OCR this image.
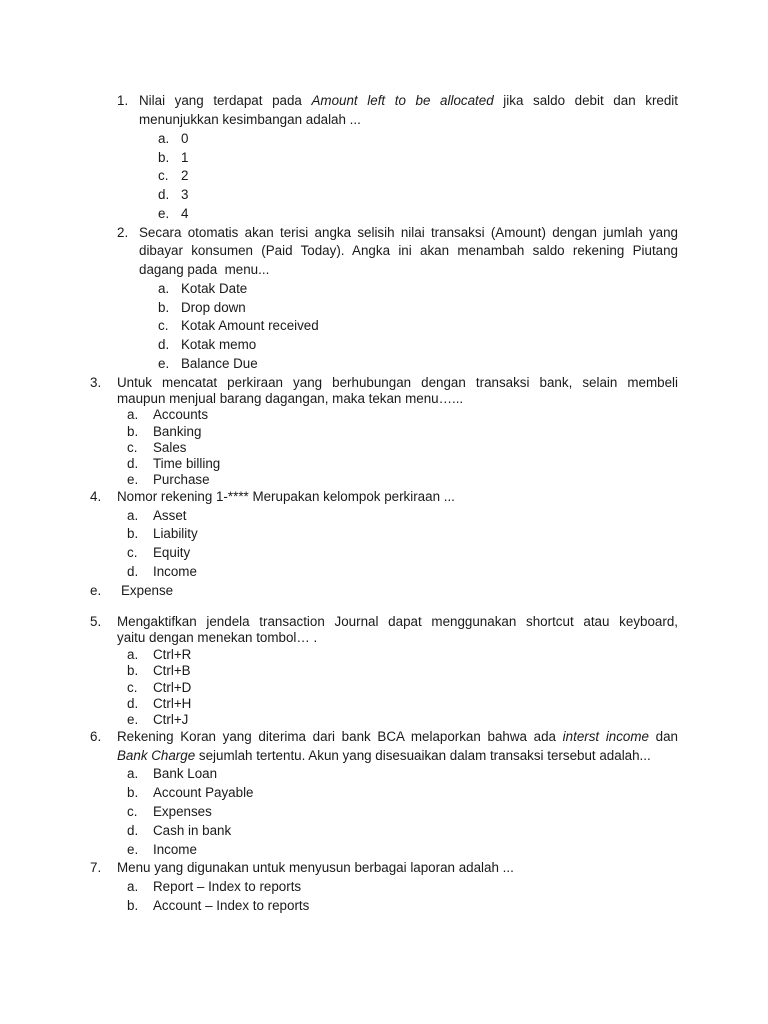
1. Nilai yang terdapat pada Amount left to be allocated jika saldo debit dan kredit
menunjukkan kesimbangan adalah ...
a. 0
b. 1
c. 2
d. 3
e. 4
2. Secara otomatis akan terisi angka selisih nilai transaksi (Amount) dengan jumlah yang
dibayar konsumen (Paid Today). Angka ini akan menambah saldo rekening Piutang
dagang pada  menu...
a. Kotak Date
b. Drop down
c. Kotak Amount received
d. Kotak memo
e. Balance Due
3. Untuk mencatat perkiraan yang berhubungan dengan transaksi bank, selain membeli
maupun menjual barang dagangan, maka tekan menu…...
a. Accounts
b. Banking
c. Sales
d. Time billing
e. Purchase
4. Nomor rekening 1-**** Merupakan kelompok perkiraan ...
a. Asset
b. Liability
c. Equity
d. Income
e. Expense
5. Mengaktifkan jendela transaction Journal dapat menggunakan shortcut atau keyboard,
yaitu dengan menekan tombol… .
a. Ctrl+R
b. Ctrl+B
c. Ctrl+D
d. Ctrl+H
e. Ctrl+J
6. Rekening Koran yang diterima dari bank BCA melaporkan bahwa ada interst income dan
Bank Charge sejumlah tertentu. Akun yang disesuaikan dalam transaksi tersebut adalah...
a. Bank Loan
b. Account Payable
c. Expenses
d. Cash in bank
e. Income
7. Menu yang digunakan untuk menyusun berbagai laporan adalah ...
a. Report – Index to reports
b. Account – Index to reports
